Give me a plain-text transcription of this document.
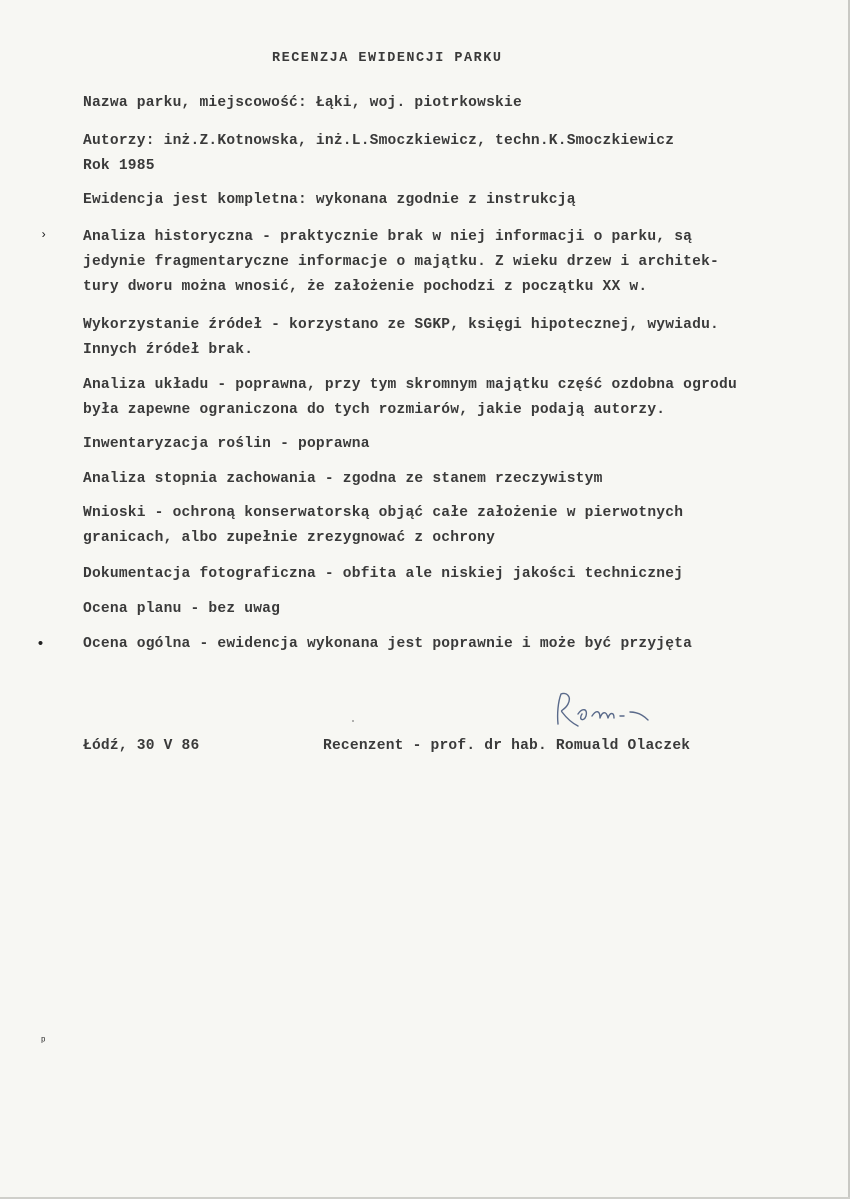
RECENZJA EWIDENCJI PARKU
Nazwa parku, miejscowość: Łąki, woj. piotrkowskie
Autorzy: inż.Z.Kotnowska, inż.L.Smoczkiewicz, techn.K.Smoczkiewicz
Rok 1985
Ewidencja jest kompletna: wykonana zgodnie z instrukcją
› Analiza historyczna - praktycznie brak w niej informacji o parku, są
jedynie fragmentaryczne informacje o majątku. Z wieku drzew i architek-
tury dworu można wnosić, że założenie pochodzi z początku XX w.
Wykorzystanie źródeł - korzystano ze SGKP, księgi hipotecznej, wywiadu.
Innych źródeł brak.
Analiza układu - poprawna, przy tym skromnym majątku część ozdobna ogrodu
była zapewne ograniczona do tych rozmiarów, jakie podają autorzy.
Inwentaryzacja roślin - poprawna
Analiza stopnia zachowania - zgodna ze stanem rzeczywistym
Wnioski - ochroną konserwatorską objąć całe założenie w pierwotnych
granicach, albo zupełnie zrezygnować z ochrony
Dokumentacja fotograficzna - obfita ale niskiej jakości technicznej
Ocena planu - bez uwag
•	Ocena ogólna - ewidencja wykonana jest poprawnie i może być przyjęta
Łódź, 30 V 86	Recenzent - prof. dr hab. Romuald Olaczek
ᵖ
